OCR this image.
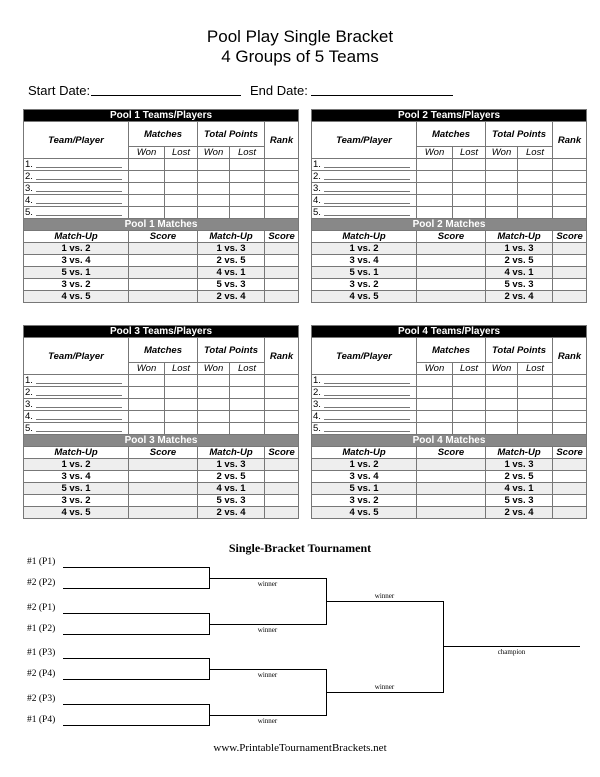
Pool Play Single Bracket
4 Groups of 5 Teams
Start Date:	End Date:
Pool 1 Teams/Players					
Team/Player	Matches		Total Points		Rank
	Won	Lost	Won	Lost	
1.					
2.					
3.					
4.					
5.					
Pool 1 Matches					
Match-Up	Score		Match-Up		Score
1 vs. 2			1 vs. 3		
3 vs. 4			2 vs. 5		
5 vs. 1			4 vs. 1		
3 vs. 2			5 vs. 3		
4 vs. 5			2 vs. 4		
Pool 2 Teams/Players					
Team/Player	Matches		Total Points		Rank
	Won	Lost	Won	Lost	
1.					
2.					
3.					
4.					
5.					
Pool 2 Matches					
Match-Up	Score		Match-Up		Score
1 vs. 2			1 vs. 3		
3 vs. 4			2 vs. 5		
5 vs. 1			4 vs. 1		
3 vs. 2			5 vs. 3		
4 vs. 5			2 vs. 4		
Pool 3 Teams/Players					
Team/Player	Matches		Total Points		Rank
	Won	Lost	Won	Lost	
1.					
2.					
3.					
4.					
5.					
Pool 3 Matches					
Match-Up	Score		Match-Up		Score
1 vs. 2			1 vs. 3		
3 vs. 4			2 vs. 5		
5 vs. 1			4 vs. 1		
3 vs. 2			5 vs. 3		
4 vs. 5			2 vs. 4		
Pool 4 Teams/Players					
Team/Player	Matches		Total Points		Rank
	Won	Lost	Won	Lost	
1.					
2.					
3.					
4.					
5.					
Pool 4 Matches					
Match-Up	Score		Match-Up		Score
1 vs. 2			1 vs. 3		
3 vs. 4			2 vs. 5		
5 vs. 1			4 vs. 1		
3 vs. 2			5 vs. 3		
4 vs. 5			2 vs. 4		
Single-Bracket Tournament
#1 (P1)
#2 (P2)
#2 (P1)
#1 (P2)
#1 (P3)
#2 (P4)
#2 (P3)
#1 (P4)
winner
winner
winner
winner
winner
winner
champion
www.PrintableTournamentBrackets.net
